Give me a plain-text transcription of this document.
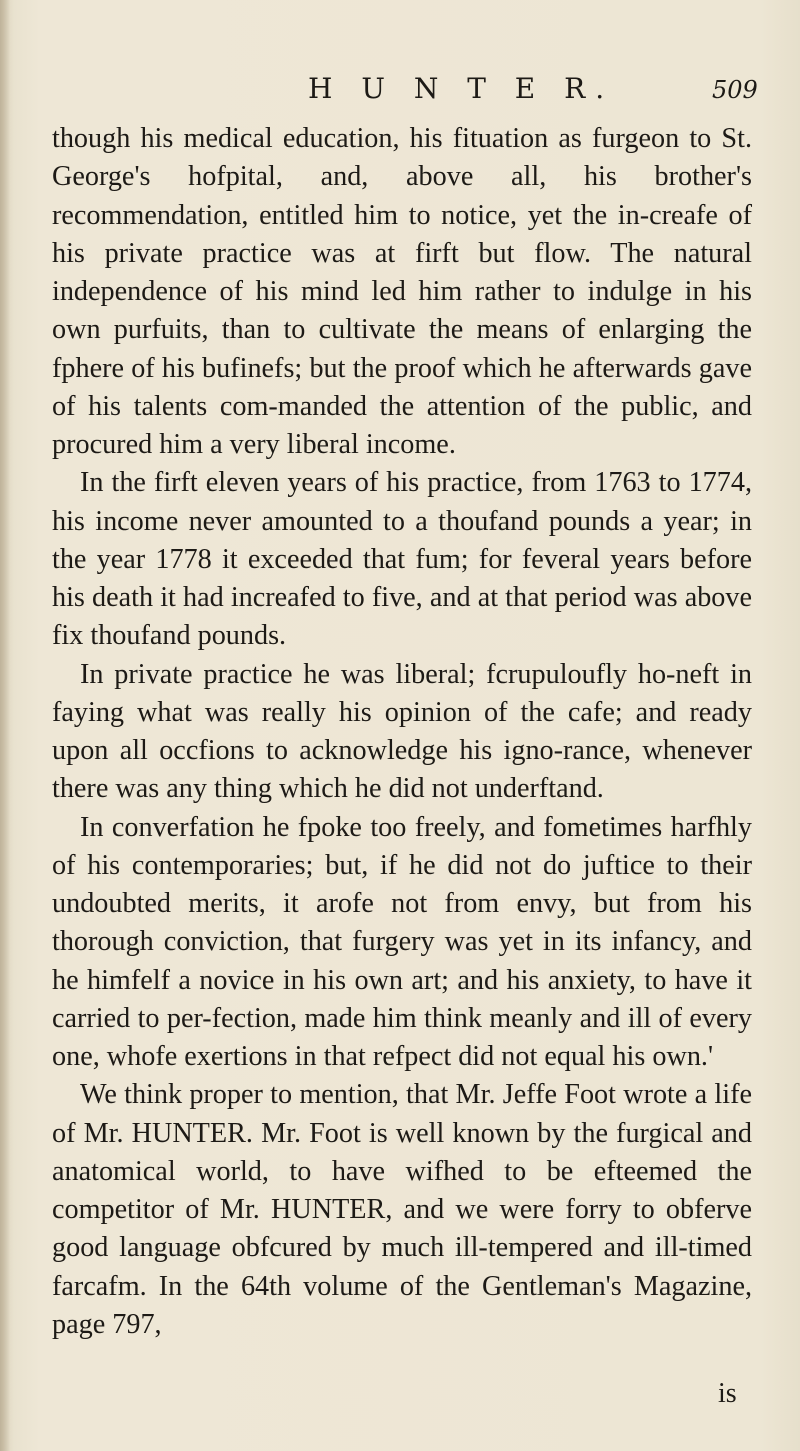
H U N T E R.	509

though his medical education, his fituation as furgeon to St. George's hofpital, and, above all, his brother's recommendation, entitled him to notice, yet the in-creafe of his private practice was at firft but flow. The natural independence of his mind led him rather to indulge in his own purfuits, than to cultivate the means of enlarging the fphere of his bufinefs; but the proof which he afterwards gave of his talents com-manded the attention of the public, and procured him a very liberal income.

In the firft eleven years of his practice, from 1763 to 1774, his income never amounted to a thoufand pounds a year; in the year 1778 it exceeded that fum; for feveral years before his death it had increafed to five, and at that period was above fix thoufand pounds.

In private practice he was liberal; fcrupuloufly ho-neft in faying what was really his opinion of the cafe; and ready upon all occfions to acknowledge his igno-rance, whenever there was any thing which he did not underftand.

In converfation he fpoke too freely, and fometimes harfhly of his contemporaries; but, if he did not do juftice to their undoubted merits, it arofe not from envy, but from his thorough conviction, that furgery was yet in its infancy, and he himfelf a novice in his own art; and his anxiety, to have it carried to per-fection, made him think meanly and ill of every one, whofe exertions in that refpect did not equal his own.'

We think proper to mention, that Mr. Jeffe Foot wrote a life of Mr. HUNTER. Mr. Foot is well known by the furgical and anatomical world, to have wifhed to be efteemed the competitor of Mr. HUNTER, and we were forry to obferve good language obfcured by much ill-tempered and ill-timed farcafm. In the 64th volume of the Gentleman's Magazine, page 797,

is
